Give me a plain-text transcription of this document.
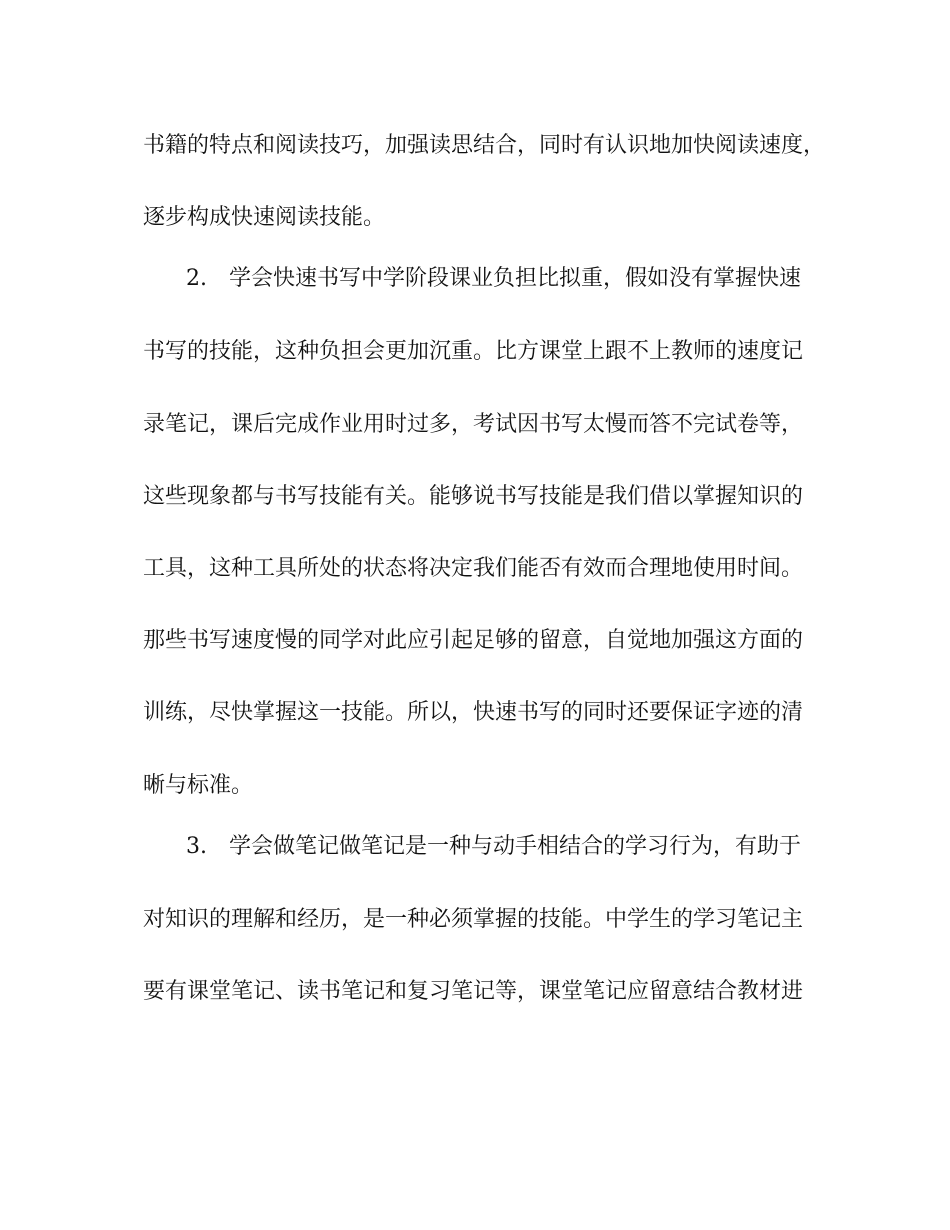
书籍的特点和阅读技巧，加强读思结合，同时有认识地加快阅读速度，
逐步构成快速阅读技能。
2.　学会快速书写中学阶段课业负担比拟重，假如没有掌握快速
书写的技能，这种负担会更加沉重。比方课堂上跟不上教师的速度记
录笔记，课后完成作业用时过多，考试因书写太慢而答不完试卷等，
这些现象都与书写技能有关。能够说书写技能是我们借以掌握知识的
工具，这种工具所处的状态将决定我们能否有效而合理地使用时间。
那些书写速度慢的同学对此应引起足够的留意，自觉地加强这方面的
训练，尽快掌握这一技能。所以，快速书写的同时还要保证字迹的清
晰与标准。
3.　学会做笔记做笔记是一种与动手相结合的学习行为，有助于
对知识的理解和经历，是一种必须掌握的技能。中学生的学习笔记主
要有课堂笔记、读书笔记和复习笔记等，课堂笔记应留意结合教材进
